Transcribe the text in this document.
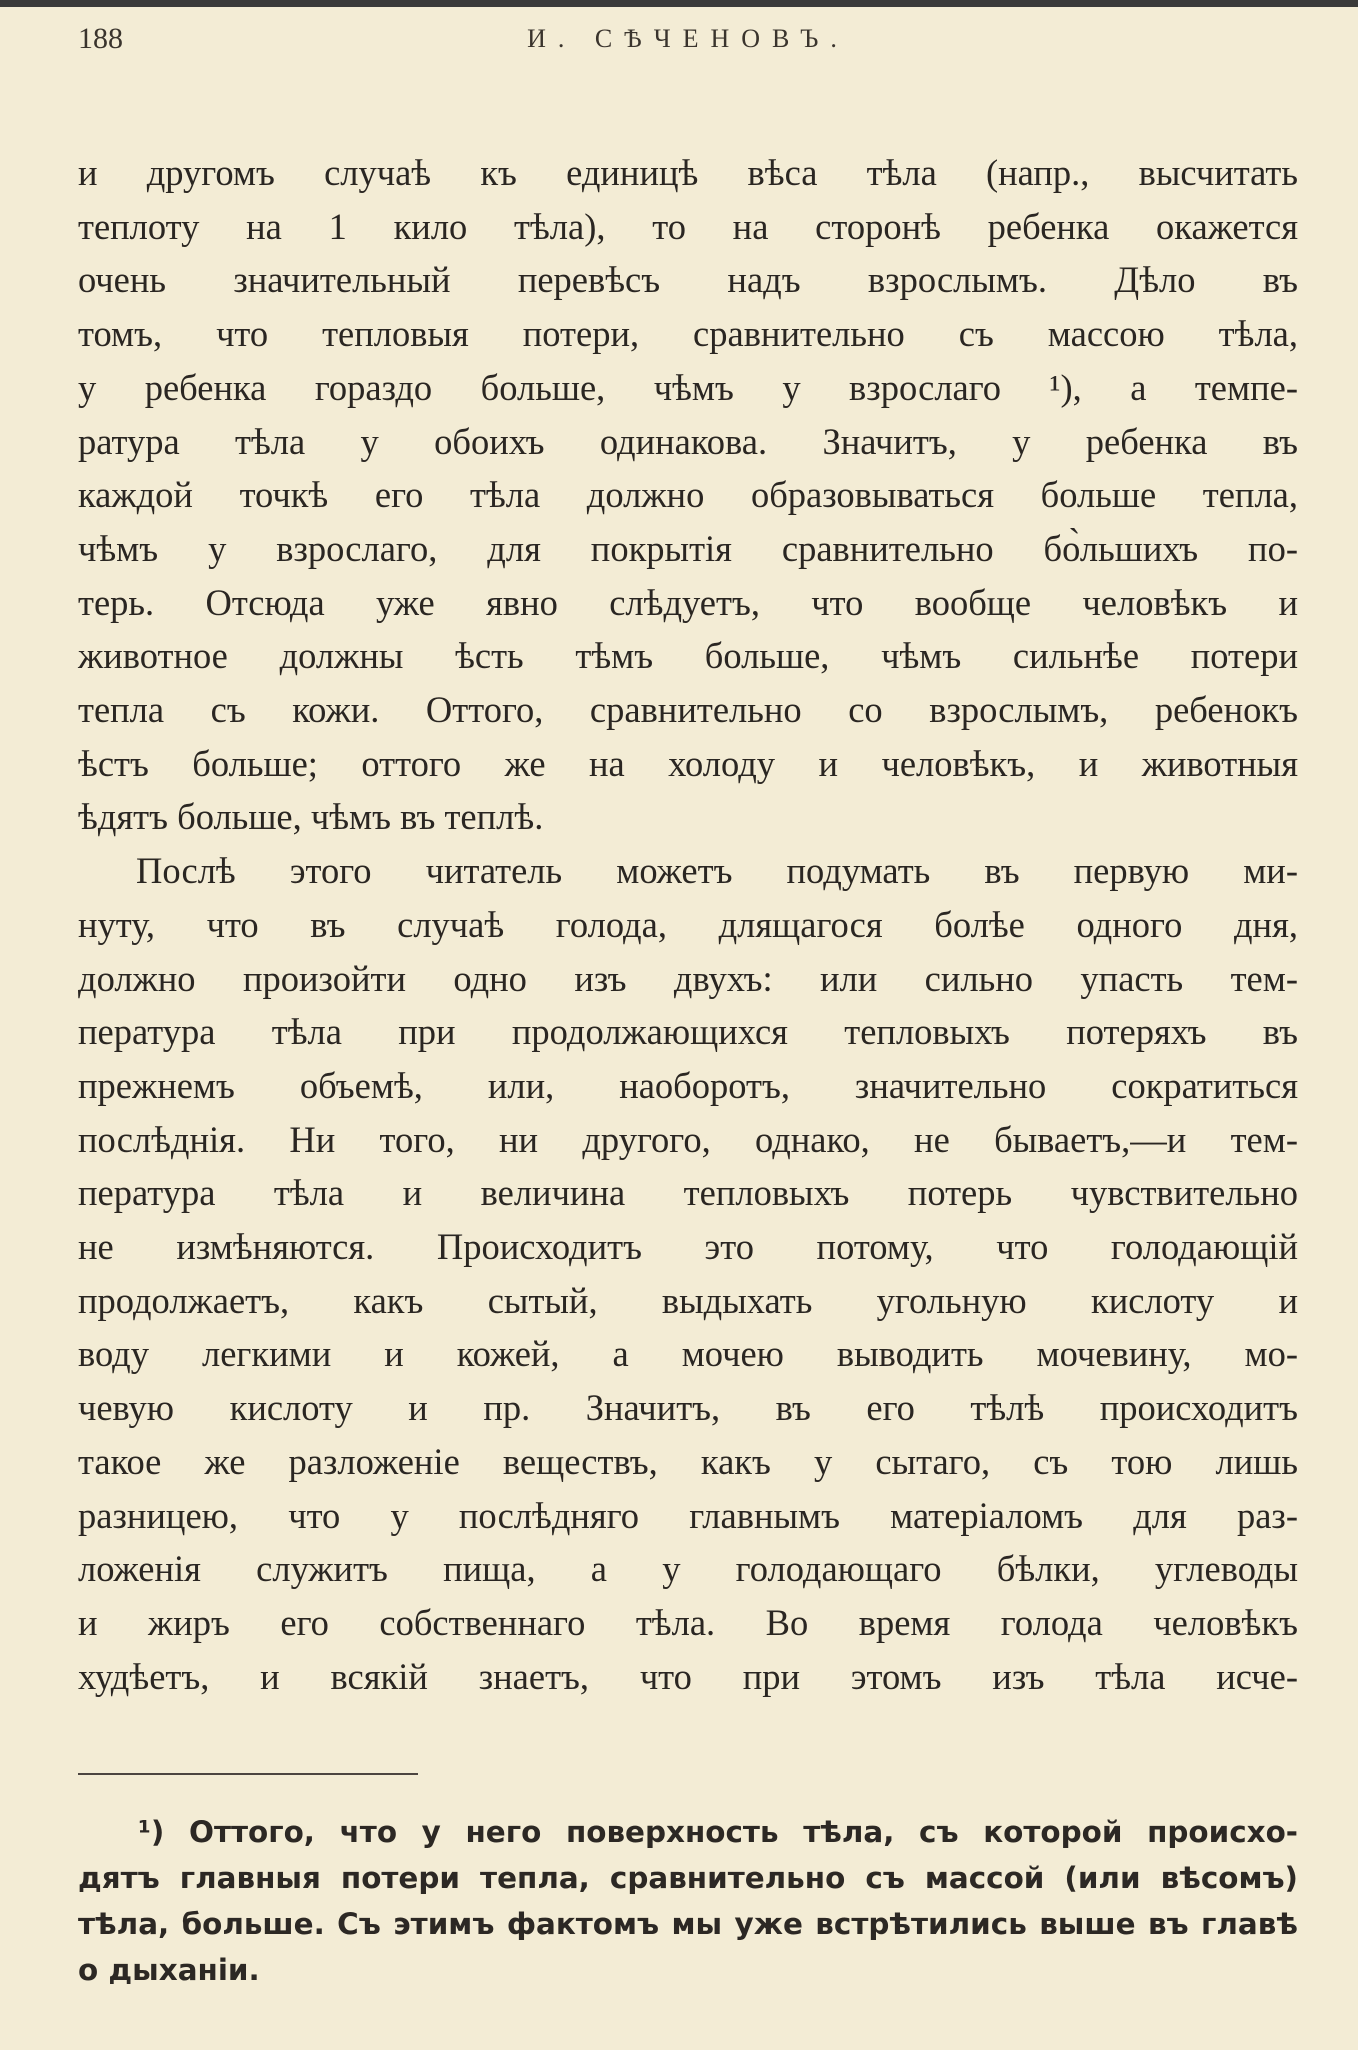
188	И. СѢЧЕНОВЪ.
и другомъ случаѣ къ единицѣ вѣса тѣла (напр., высчитать
теплоту на 1 кило тѣла), то на сторонѣ ребенка окажется
очень значительный перевѣсъ надъ взрослымъ. Дѣло въ
томъ, что тепловыя потери, сравнительно съ массою тѣла,
у ребенка гораздо больше, чѣмъ у взрослаго ¹), а темпе-
ратура тѣла у обоихъ одинакова. Значитъ, у ребенка въ
каждой точкѣ его тѣла должно образовываться больше тепла,
чѣмъ у взрослаго, для покрытія сравнительно бо̀льшихъ по-
терь. Отсюда уже явно слѣдуетъ, что вообще человѣкъ и
животное должны ѣсть тѣмъ больше, чѣмъ сильнѣе потери
тепла съ кожи. Оттого, сравнительно со взрослымъ, ребенокъ
ѣстъ больше; оттого же на холоду и человѣкъ, и животныя
ѣдятъ больше, чѣмъ въ теплѣ.
Послѣ этого читатель можетъ подумать въ первую ми-
нуту, что въ случаѣ голода, длящагося болѣе одного дня,
должно произойти одно изъ двухъ: или сильно упасть тем-
пература тѣла при продолжающихся тепловыхъ потеряхъ въ
прежнемъ объемѣ, или, наоборотъ, значительно сократиться
послѣднія. Ни того, ни другого, однако, не бываетъ,—и тем-
пература тѣла и величина тепловыхъ потерь чувствительно
не измѣняются. Происходитъ это потому, что голодающій
продолжаетъ, какъ сытый, выдыхать угольную кислоту и
воду легкими и кожей, а мочею выводить мочевину, мо-
чевую кислоту и пр. Значитъ, въ его тѣлѣ происходитъ
такое же разложеніе веществъ, какъ у сытаго, съ тою лишь
разницею, что у послѣдняго главнымъ матеріаломъ для раз-
ложенія служитъ пища, а у голодающаго бѣлки, углеводы
и жиръ его собственнаго тѣла. Во время голода человѣкъ
худѣетъ, и всякій знаетъ, что при этомъ изъ тѣла исче-
¹) Оттого, что у него поверхность тѣла, съ которой происхо-
дятъ главныя потери тепла, сравнительно съ массой (или вѣсомъ)
тѣла, больше. Съ этимъ фактомъ мы уже встрѣтились выше въ главѣ
о дыханіи.
